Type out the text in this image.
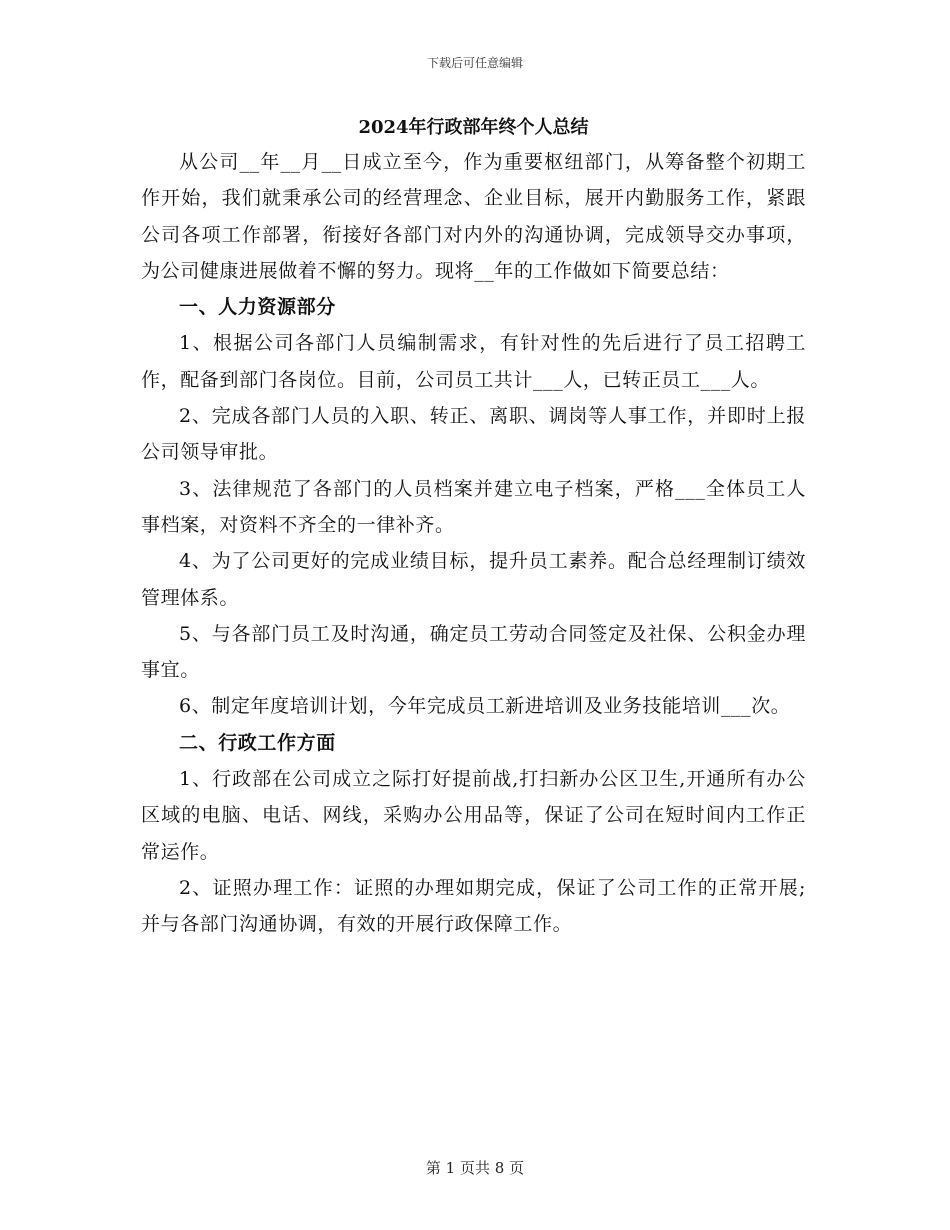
下载后可任意编辑
2024年行政部年终个人总结

从公司__年__月__日成立至今，作为重要枢纽部门，从筹备整个初期工作开始，我们就秉承公司的经营理念、企业目标，展开内勤服务工作，紧跟公司各项工作部署，衔接好各部门对内外的沟通协调，完成领导交办事项，为公司健康进展做着不懈的努力。现将__年的工作做如下简要总结：

一、人力资源部分

1、根据公司各部门人员编制需求，有针对性的先后进行了员工招聘工作，配备到部门各岗位。目前，公司员工共计___人，已转正员工___人。

2、完成各部门人员的入职、转正、离职、调岗等人事工作，并即时上报公司领导审批。

3、法律规范了各部门的人员档案并建立电子档案，严格___全体员工人事档案，对资料不齐全的一律补齐。

4、为了公司更好的完成业绩目标，提升员工素养。配合总经理制订绩效管理体系。

5、与各部门员工及时沟通，确定员工劳动合同签定及社保、公积金办理事宜。

6、制定年度培训计划，今年完成员工新进培训及业务技能培训___次。

二、行政工作方面

1、行政部在公司成立之际打好提前战,打扫新办公区卫生,开通所有办公区域的电脑、电话、网线，采购办公用品等，保证了公司在短时间内工作正常运作。

2、证照办理工作：证照的办理如期完成，保证了公司工作的正常开展;并与各部门沟通协调，有效的开展行政保障工作。

第 1 页共 8 页
